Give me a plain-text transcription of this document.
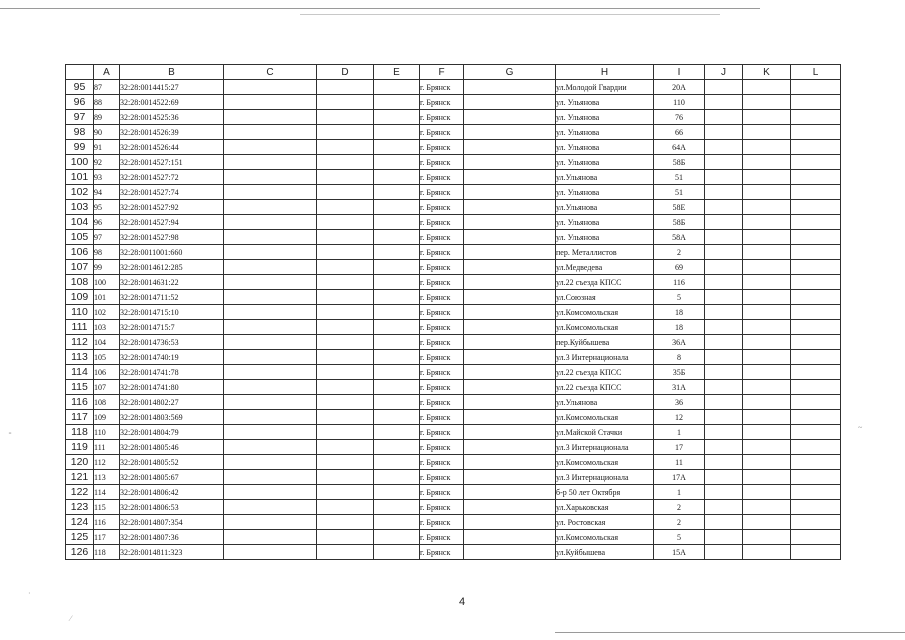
⁃
·
~
⁄
	A	B	C	D	E	F	G	H	I	J	K	L
95	87	32:28:0014415:27				г. Брянск		ул.Молодой Гвардии	20А			
96	88	32:28:0014522:69				г. Брянск		ул. Ульянова	110			
97	89	32:28:0014525:36				г. Брянск		ул. Ульянова	76			
98	90	32:28:0014526:39				г. Брянск		ул. Ульянова	66			
99	91	32:28:0014526:44				г. Брянск		ул. Ульянова	64А			
100	92	32:28:0014527:151				г. Брянск		ул. Ульянова	58Б			
101	93	32:28:0014527:72				г. Брянск		ул.Ульянова	51			
102	94	32:28:0014527:74				г. Брянск		ул. Ульянова	51			
103	95	32:28:0014527:92				г. Брянск		ул.Ульянова	58Е			
104	96	32:28:0014527:94				г. Брянск		ул. Ульянова	58Б			
105	97	32:28:0014527:98				г. Брянск		ул. Ульянова	58А			
106	98	32:28:0011001:660				г. Брянск		пер. Металлистов	2			
107	99	32:28:0014612:285				г. Брянск		ул.Медведева	69			
108	100	32:28:0014631:22				г. Брянск		ул.22 съезда КПСС	116			
109	101	32:28:0014711:52				г. Брянск		ул.Союзная	5			
110	102	32:28:0014715:10				г. Брянск		ул.Комсомольская	18			
111	103	32:28:0014715:7				г. Брянск		ул.Комсомольская	18			
112	104	32:28:0014736:53				г. Брянск		пер.Куйбышева	36А			
113	105	32:28:0014740:19				г. Брянск		ул.3 Интернационала	8			
114	106	32:28:0014741:78				г. Брянск		ул.22 съезда КПСС	35Б			
115	107	32:28:0014741:80				г. Брянск		ул.22 съезда КПСС	31А			
116	108	32:28:0014802:27				г. Брянск		ул.Ульянова	36			
117	109	32:28:0014803:569				г. Брянск		ул.Комсомольская	12			
118	110	32:28:0014804:79				г. Брянск		ул.Майской Стачки	1			
119	111	32:28:0014805:46				г. Брянск		ул.3 Интернационала	17			
120	112	32:28:0014805:52				г. Брянск		ул.Комсомольская	11			
121	113	32:28:0014805:67				г. Брянск		ул.3 Интернационала	17А			
122	114	32:28:0014806:42				г. Брянск		б-р 50 лет Октября	1			
123	115	32:28:0014806:53				г. Брянск		ул.Харьковская	2			
124	116	32:28:0014807:354				г. Брянск		ул. Ростовская	2			
125	117	32:28:0014807:36				г. Брянск		ул.Комсомольская	5			
126	118	32:28:0014811:323				г. Брянск		ул.Куйбышева	15А			
4
